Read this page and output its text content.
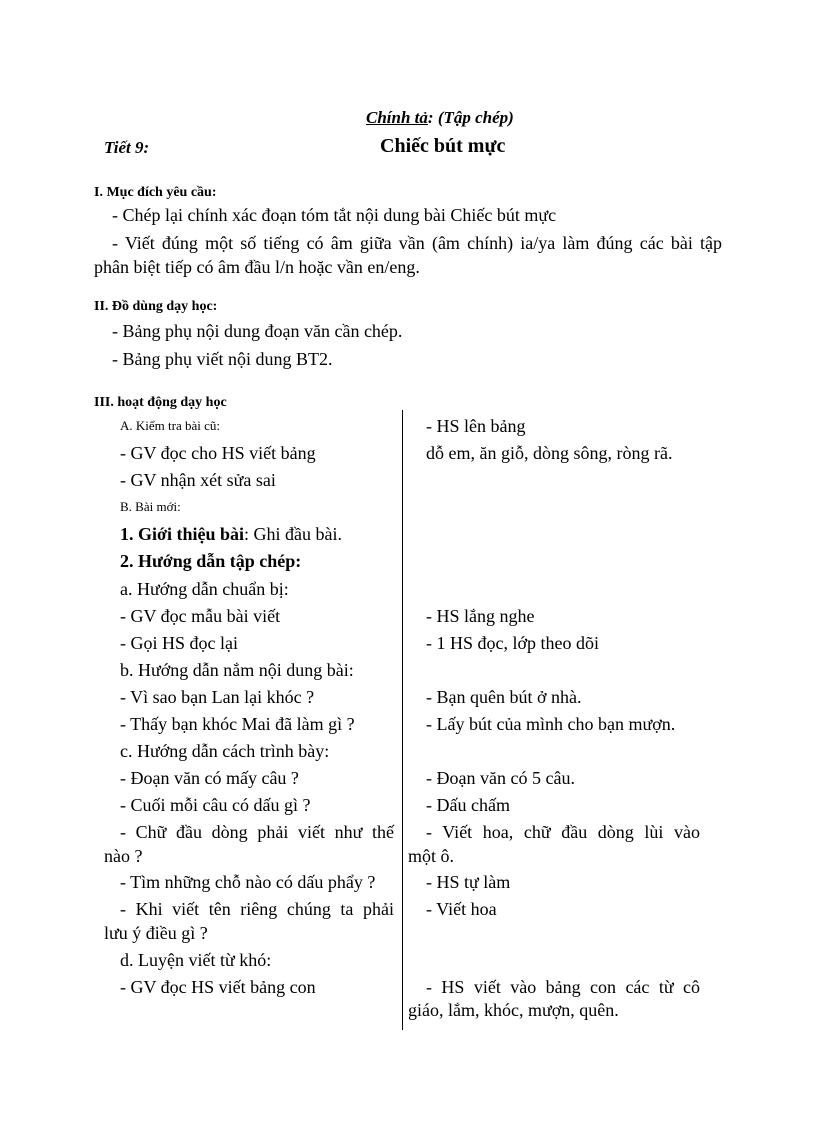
Chính tả: (Tập chép)
Tiết 9:	Chiếc bút mực
I. Mục đích yêu cầu:
- Chép lại chính xác đoạn tóm tắt nội dung bài Chiếc bút mực
- Viết đúng một số tiếng có âm giữa vần (âm chính) ia/ya làm đúng các bài tập
phân biệt tiếp có âm đầu l/n hoặc vần en/eng.
II. Đồ dùng dạy học:
- Bảng phụ nội dung đoạn văn cần chép.
- Bảng phụ viết nội dung BT2.
III. hoạt động dạy học
A. Kiểm tra bài cũ:
- GV đọc cho HS viết bảng
- GV nhận xét sửa sai
B. Bài mới:
1. Giới thiệu bài: Ghi đầu bài.
2. Hướng dẫn tập chép:
a. Hướng dẫn chuẩn bị:
- GV đọc mẫu bài viết
- Gọi HS đọc lại
b. Hướng dẫn nắm nội dung bài:
- Vì sao bạn Lan lại khóc ?
- Thấy bạn khóc Mai đã làm gì ?
c. Hướng dẫn cách trình bày:
- Đoạn văn có mấy câu ?
- Cuối mỗi câu có dấu gì ?
- Chữ đầu dòng phải viết như thế
nào ?
- Tìm những chỗ nào có dấu phẩy ?
- Khi viết tên riêng chúng ta phải
lưu ý điều gì ?
d. Luyện viết từ khó:
- GV đọc HS viết bảng con
- HS lên bảng
dỗ em, ăn giỗ, dòng sông, ròng rã.
- HS lắng nghe
- 1 HS đọc, lớp theo dõi
- Bạn quên bút ở nhà.
- Lấy bút của mình cho bạn mượn.
- Đoạn văn có 5 câu.
- Dấu chấm
- Viết hoa, chữ đầu dòng lùi vào
một ô.
- HS tự làm
- Viết hoa
- HS viết vào bảng con các từ cô
giáo, lắm, khóc, mượn, quên.
